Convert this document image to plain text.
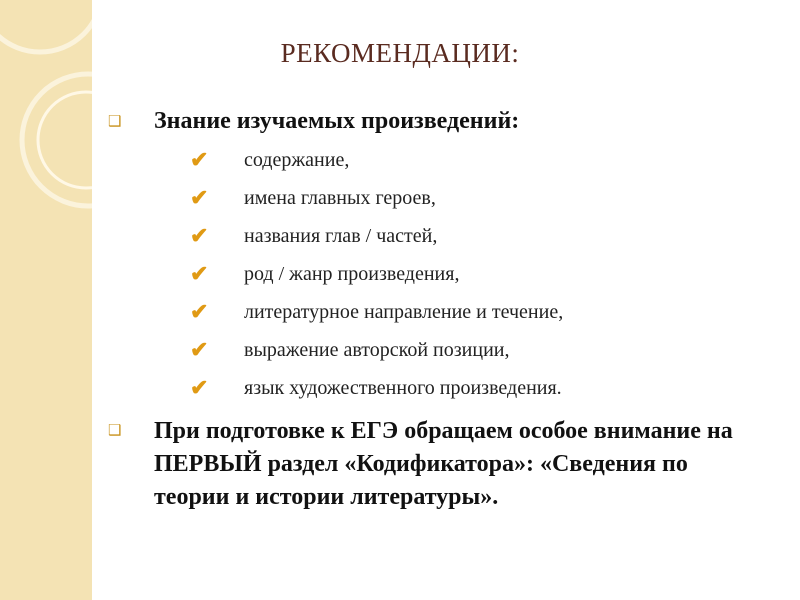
РЕКОМЕНДАЦИИ:
❑ Знание изучаемых произведений:
✔ содержание,
✔ имена главных героев,
✔ названия глав / частей,
✔ род / жанр произведения,
✔ литературное направление и течение,
✔ выражение авторской позиции,
✔ язык художественного произведения.
❑ При подготовке к ЕГЭ обращаем особое внимание на ПЕРВЫЙ раздел «Кодификатора»: «Сведения по теории и истории литературы».
